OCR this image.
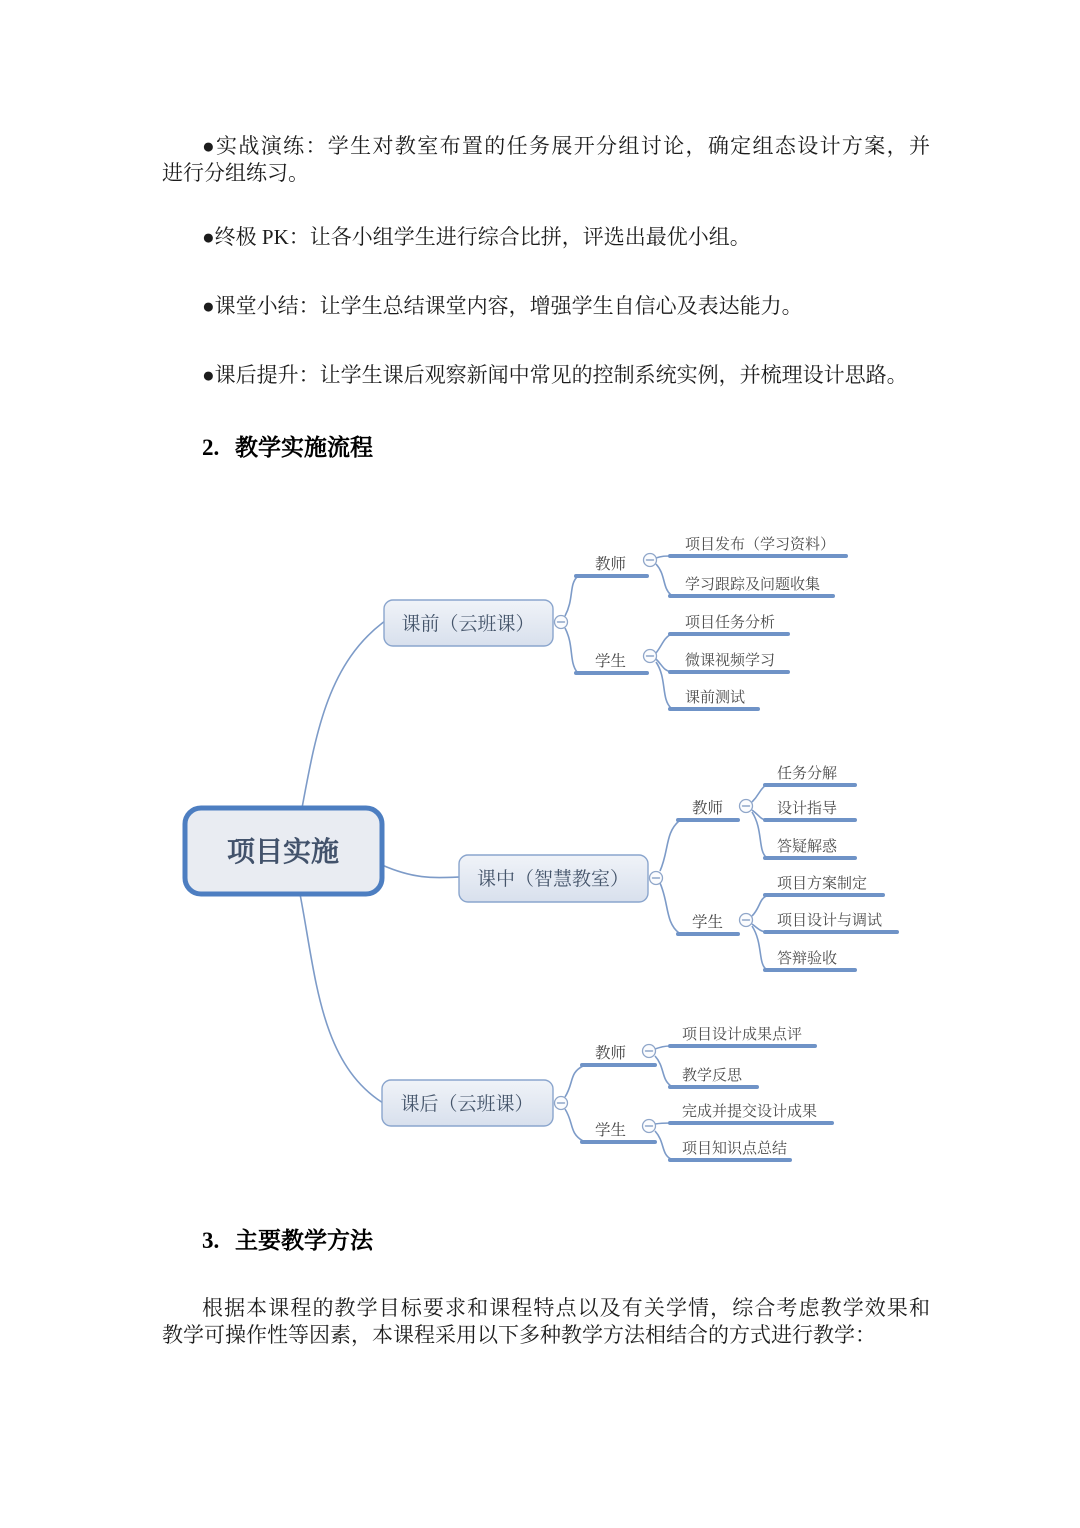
●实战演练：学生对教室布置的任务展开分组讨论，确定组态设计方案，并
进行分组练习。
●终极 PK：让各小组学生进行综合比拼，评选出最优小组。
●课堂小结：让学生总结课堂内容，增强学生自信心及表达能力。
●课后提升：让学生课后观察新闻中常见的控制系统实例，并梳理设计思路。
2. 教学实施流程
项目实施
课前（云班课）
课中（智慧教室）
课后（云班课）
教师
学生
教师
学生
教师
学生
项目发布（学习资料）
学习跟踪及问题收集
项目任务分析
微课视频学习
课前测试
任务分解
设计指导
答疑解惑
项目方案制定
项目设计与调试
答辩验收
项目设计成果点评
教学反思
完成并提交设计成果
项目知识点总结
3. 主要教学方法
根据本课程的教学目标要求和课程特点以及有关学情，综合考虑教学效果和
教学可操作性等因素，本课程采用以下多种教学方法相结合的方式进行教学：
